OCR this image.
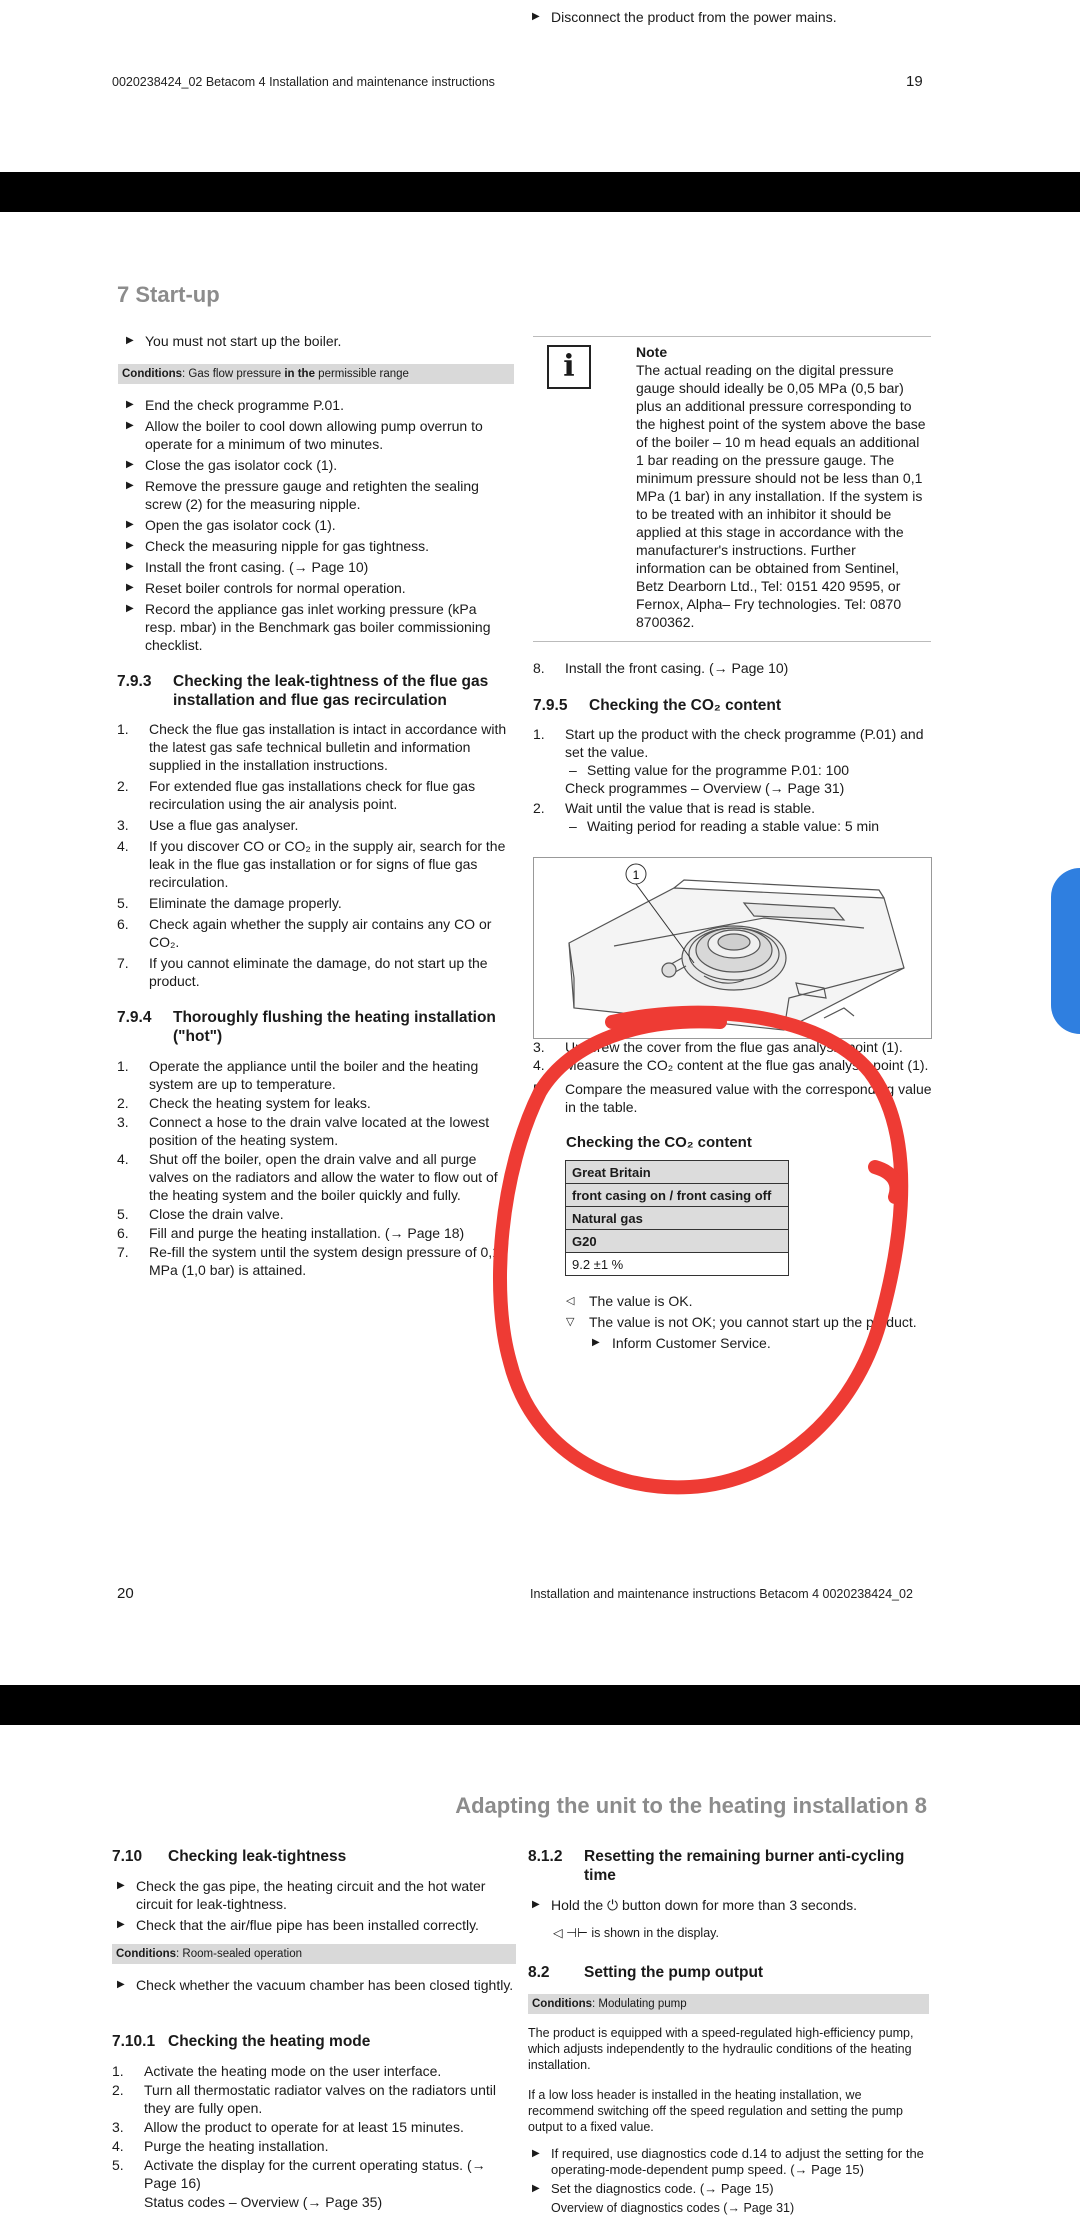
▶ Disconnect the product from the power mains.
0020238424_02 Betacom 4 Installation and maintenance instructions	19
7 Start-up
▶ You must not start up the boiler.
Conditions: Gas flow pressure in the permissible range
▶ End the check programme P.01.
▶ Allow the boiler to cool down allowing pump overrun to operate for a minimum of two minutes.
▶ Close the gas isolator cock (1).
▶ Remove the pressure gauge and retighten the sealing screw (2) for the measuring nipple.
▶ Open the gas isolator cock (1).
▶ Check the measuring nipple for gas tightness.
▶ Install the front casing. (→ Page 10)
▶ Reset boiler controls for normal operation.
▶ Record the appliance gas inlet working pressure (kPa resp. mbar) in the Benchmark gas boiler commissioning checklist.
7.9.3 Checking the leak-tightness of the flue gas installation and flue gas recirculation
1. Check the flue gas installation is intact in accordance with the latest gas safe technical bulletin and information supplied in the installation instructions.
2. For extended flue gas installations check for flue gas recirculation using the air analysis point.
3. Use a flue gas analyser.
4. If you discover CO or CO₂ in the supply air, search for the leak in the flue gas installation or for signs of flue gas recirculation.
5. Eliminate the damage properly.
6. Check again whether the supply air contains any CO or CO₂.
7. If you cannot eliminate the damage, do not start up the product.
7.9.4 Thoroughly flushing the heating installation ("hot")
1. Operate the appliance until the boiler and the heating system are up to temperature.
2. Check the heating system for leaks.
3. Connect a hose to the drain valve located at the lowest position of the heating system.
4. Shut off the boiler, open the drain valve and all purge valves on the radiators and allow the water to flow out of the heating system and the boiler quickly and fully.
5. Close the drain valve.
6. Fill and purge the heating installation. (→ Page 18)
7. Re-fill the system until the system design pressure of 0,1 MPa (1,0 bar) is attained.
i	Note
The actual reading on the digital pressure gauge should ideally be 0,05 MPa (0,5 bar) plus an additional pressure corresponding to the highest point of the system above the base of the boiler – 10 m head equals an additional 1 bar reading on the pressure gauge. The minimum pressure should not be less than 0,1 MPa (1 bar) in any installation. If the system is to be treated with an inhibitor it should be applied at this stage in accordance with the manufacturer's instructions. Further information can be obtained from Sentinel, Betz Dearborn Ltd., Tel: 0151 420 9595, or Fernox, Alpha– Fry technologies. Tel: 0870 8700362.
8. Install the front casing. (→ Page 10)
7.9.5 Checking the CO₂ content
1. Start up the product with the check programme (P.01) and set the value.
– Setting value for the programme P.01: 100
Check programmes – Overview (→ Page 31)
2. Wait until the value that is read is stable.
– Waiting period for reading a stable value: 5 min
1
3. Unscrew the cover from the flue gas analysis point (1).
4. Measure the CO₂ content at the flue gas analysis point (1).
5. Compare the measured value with the corresponding value in the table.
Checking the CO₂ content
Great Britain
front casing on / front casing off
Natural gas
G20
9.2 ±1 %
◁ The value is OK.
▽ The value is not OK; you cannot start up the product.
▶ Inform Customer Service.
20	Installation and maintenance instructions Betacom 4 0020238424_02
Adapting the unit to the heating installation 8
7.10 Checking leak-tightness
▶ Check the gas pipe, the heating circuit and the hot water circuit for leak-tightness.
▶ Check that the air/flue pipe has been installed correctly.
Conditions: Room-sealed operation
▶ Check whether the vacuum chamber has been closed tightly.
7.10.1 Checking the heating mode
1. Activate the heating mode on the user interface.
2. Turn all thermostatic radiator valves on the radiators until they are fully open.
3. Allow the product to operate for at least 15 minutes.
4. Purge the heating installation.
5. Activate the display for the current operating status. (→ Page 16)
Status codes – Overview (→ Page 35)
8.1.2 Resetting the remaining burner anti-cycling time
▶ Hold the ⏻ button down for more than 3 seconds.
◁ ⊣⊢ is shown in the display.
8.2 Setting the pump output
Conditions: Modulating pump
The product is equipped with a speed-regulated high-efficiency pump, which adjusts independently to the hydraulic conditions of the heating installation.
If a low loss header is installed in the heating installation, we recommend switching off the speed regulation and setting the pump output to a fixed value.
▶ If required, use diagnostics code d.14 to adjust the setting for the operating-mode-dependent pump speed. (→ Page 15)
▶ Set the diagnostics code. (→ Page 15)
Overview of diagnostics codes (→ Page 31)
